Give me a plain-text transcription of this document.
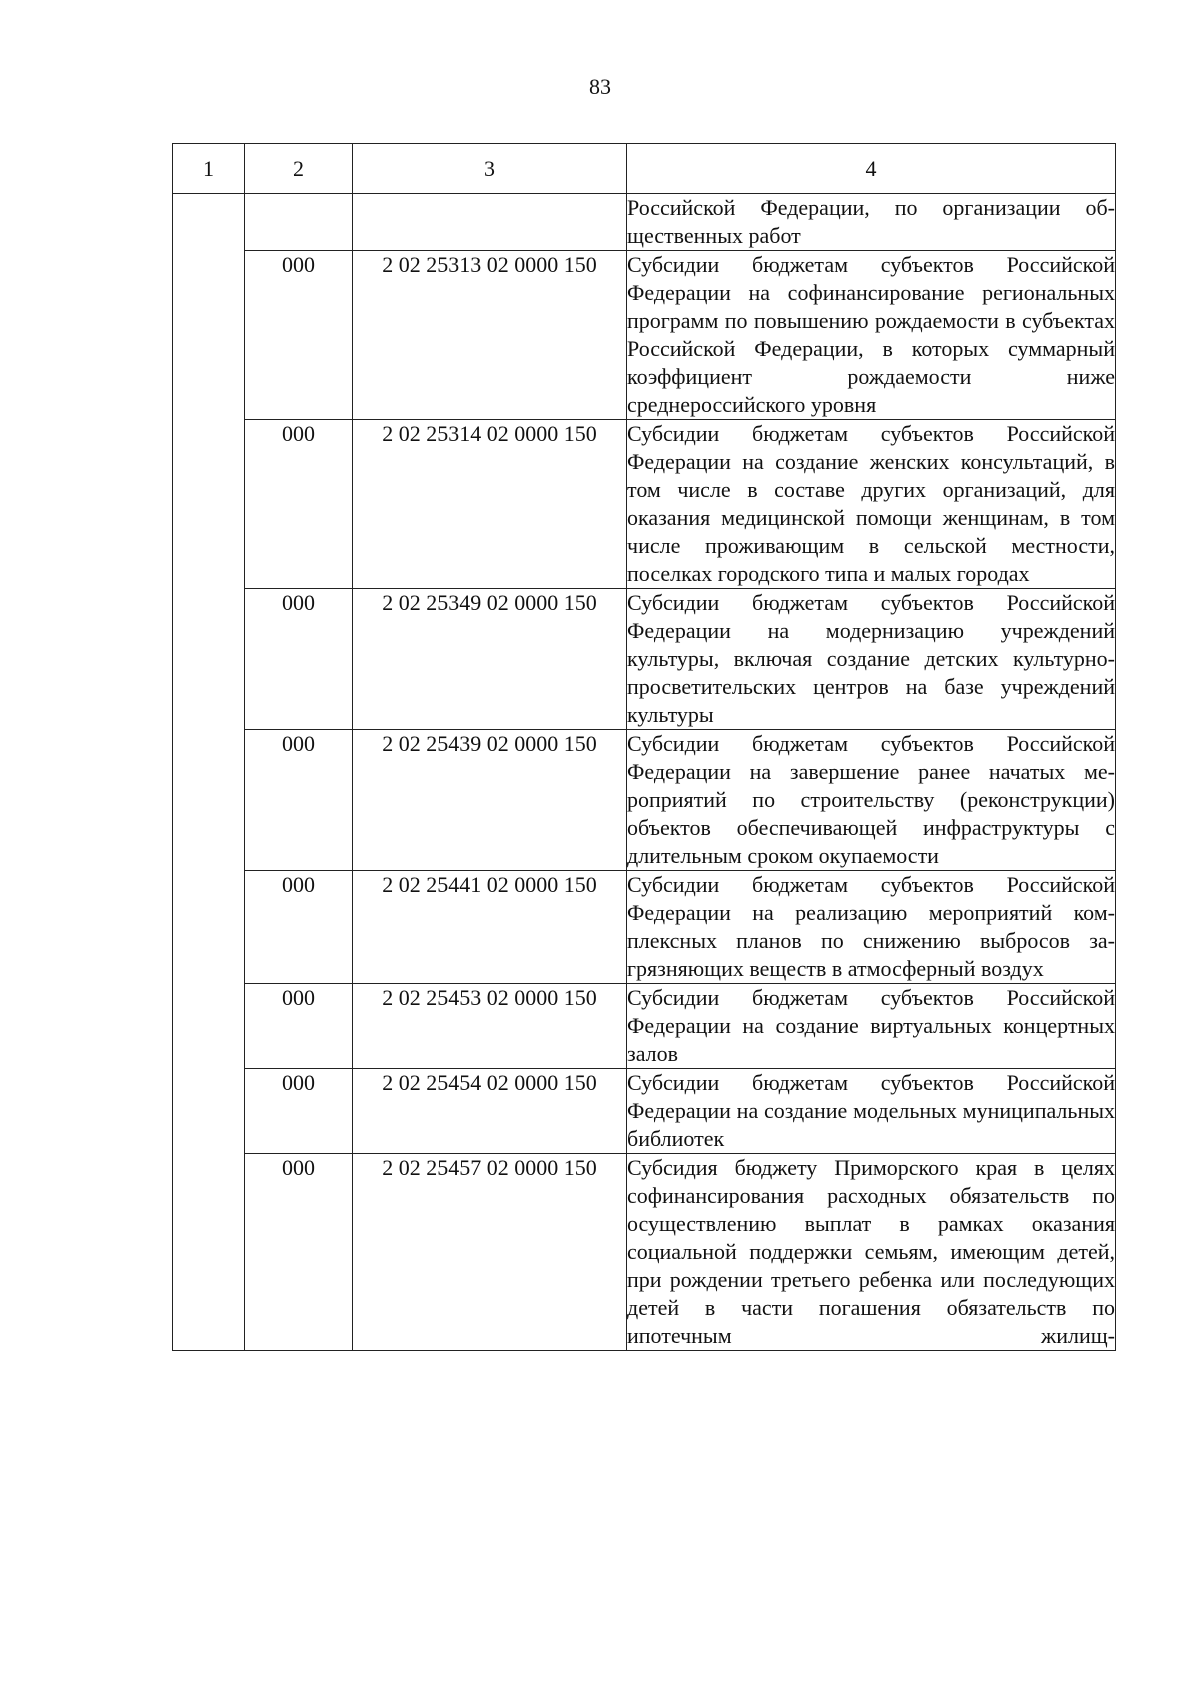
83
1	2	3	4
			Российской Федерации, по организации общественных работ
	000	2 02 25313 02 0000 150	Субсидии бюджетам субъектов Российской Федерации на софинансирование региональных программ по повышению рождаемости в субъектах Российской Федерации, в которых суммарный коэффициент рождаемости ниже среднероссийского уровня
	000	2 02 25314 02 0000 150	Субсидии бюджетам субъектов Российской Федерации на создание женских консультаций, в том числе в составе других организаций, для оказания медицинской помощи женщинам, в том числе проживающим в сельской местности, поселках городского типа и малых городах
	000	2 02 25349 02 0000 150	Субсидии бюджетам субъектов Российской Федерации на модернизацию учреждений культуры, включая создание детских культурно-просветительских центров на базе учреждений культуры
	000	2 02 25439 02 0000 150	Субсидии бюджетам субъектов Российской Федерации на завершение ранее начатых мероприятий по строительству (реконструкции) объектов обеспечивающей инфраструктуры с длительным сроком окупаемости
	000	2 02 25441 02 0000 150	Субсидии бюджетам субъектов Российской Федерации на реализацию мероприятий комплексных планов по снижению выбросов загрязняющих веществ в атмосферный воздух
	000	2 02 25453 02 0000 150	Субсидии бюджетам субъектов Российской Федерации на создание виртуальных концертных залов
	000	2 02 25454 02 0000 150	Субсидии бюджетам субъектов Российской Федерации на создание модельных муниципальных библиотек
	000	2 02 25457 02 0000 150	Субсидия бюджету Приморского края в целях софинансирования расходных обязательств по осуществлению выплат в рамках оказания социальной поддержки семьям, имеющим детей, при рождении третьего ребенка или последующих детей в части погашения обязательств по ипотечным жилищ-
